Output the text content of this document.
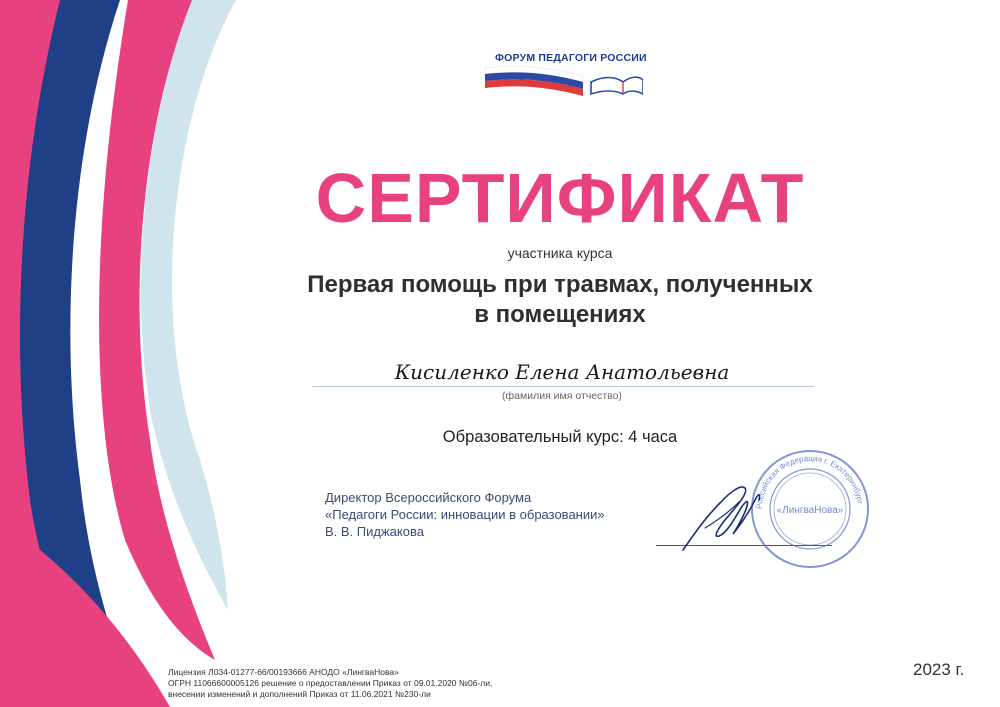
ФОРУМ ПЕДАГОГИ РОССИИ
СЕРТИФИКАТ
участника курса
Первая помощь при травмах, полученных
в помещениях
Кисиленко Елена Анатольевна
(фамилия имя отчество)
Образовательный курс: 4 часа
Директор Всероссийского Форума
«Педагоги России: инновации в образовании»
В. В. Пиджакова
Российская Федерация г. Екатеринбург
«ЛингваНова»
Лицензия Л034-01277-66/00193666 АНОДО «ЛингваНова»
ОГРН 11066600005126 решение о предоставлении Приказ от 09.01.2020 №06-ли,
внесении изменений и дополнений Приказ от 11.06.2021 №230-ли
2023 г.
